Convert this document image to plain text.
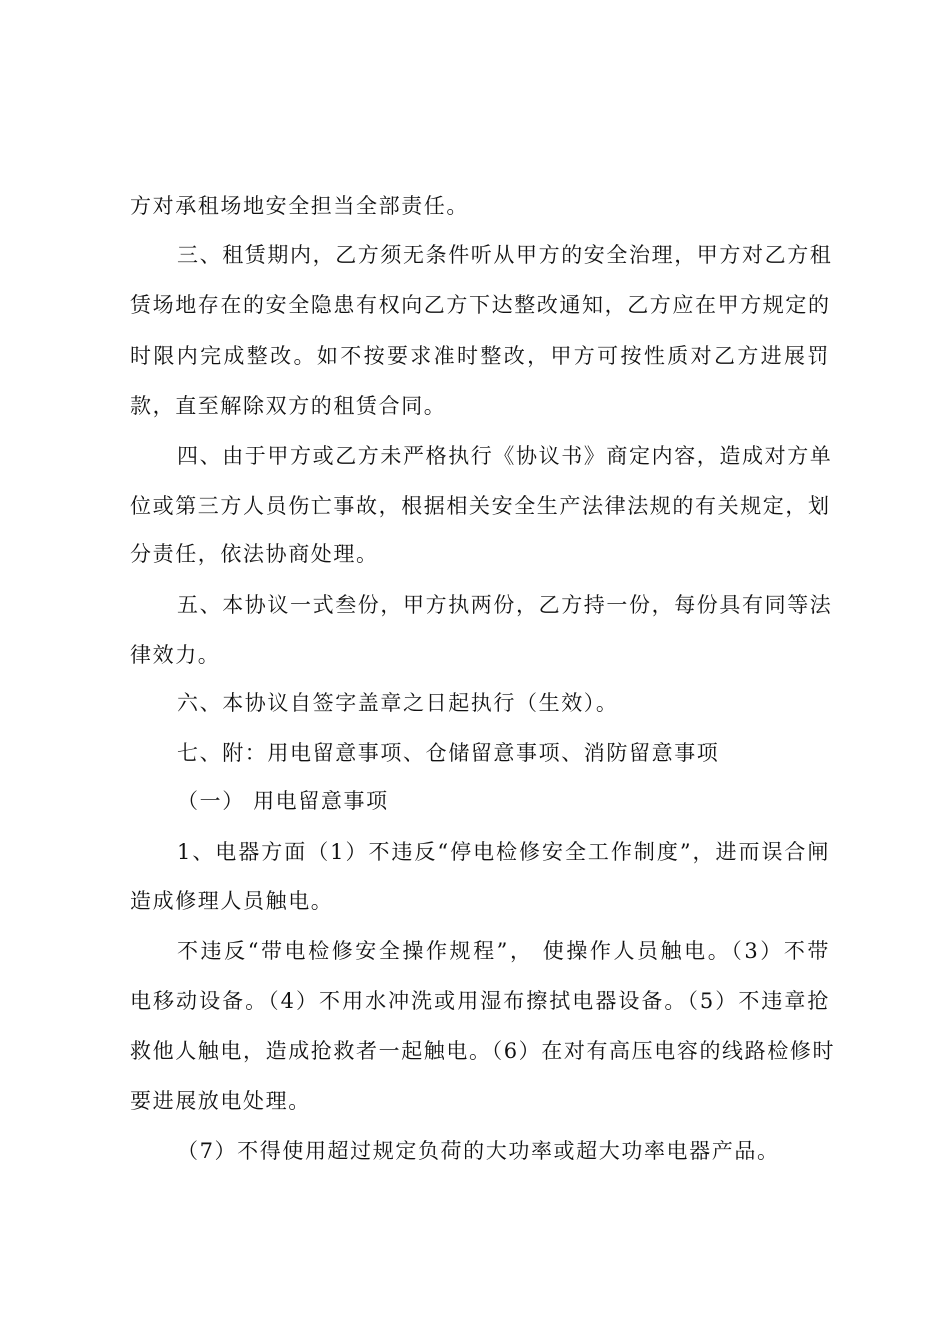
方对承租场地安全担当全部责任。
三、租赁期内，乙方须无条件听从甲方的安全治理，甲方对乙方租
赁场地存在的安全隐患有权向乙方下达整改通知，乙方应在甲方规定的
时限内完成整改。如不按要求准时整改，甲方可按性质对乙方进展罚
款，直至解除双方的租赁合同。
四、由于甲方或乙方未严格执行《协议书》商定内容，造成对方单
位或第三方人员伤亡事故，根据相关安全生产法律法规的有关规定，划
分责任，依法协商处理。
五、本协议一式叁份，甲方执两份，乙方持一份，每份具有同等法
律效力。
六、本协议自签字盖章之日起执行（生效）。
七、附：用电留意事项、仓储留意事项、消防留意事项
（一） 用电留意事项
1、电器方面（1）不违反“停电检修安全工作制度”，进而误合闸
造成修理人员触电。
不违反“带电检修安全操作规程”， 使操作人员触电。（3）不带
电移动设备。（4）不用水冲洗或用湿布擦拭电器设备。（5）不违章抢
救他人触电，造成抢救者一起触电。（6）在对有高压电容的线路检修时
要进展放电处理。
（7）不得使用超过规定负荷的大功率或超大功率电器产品。
